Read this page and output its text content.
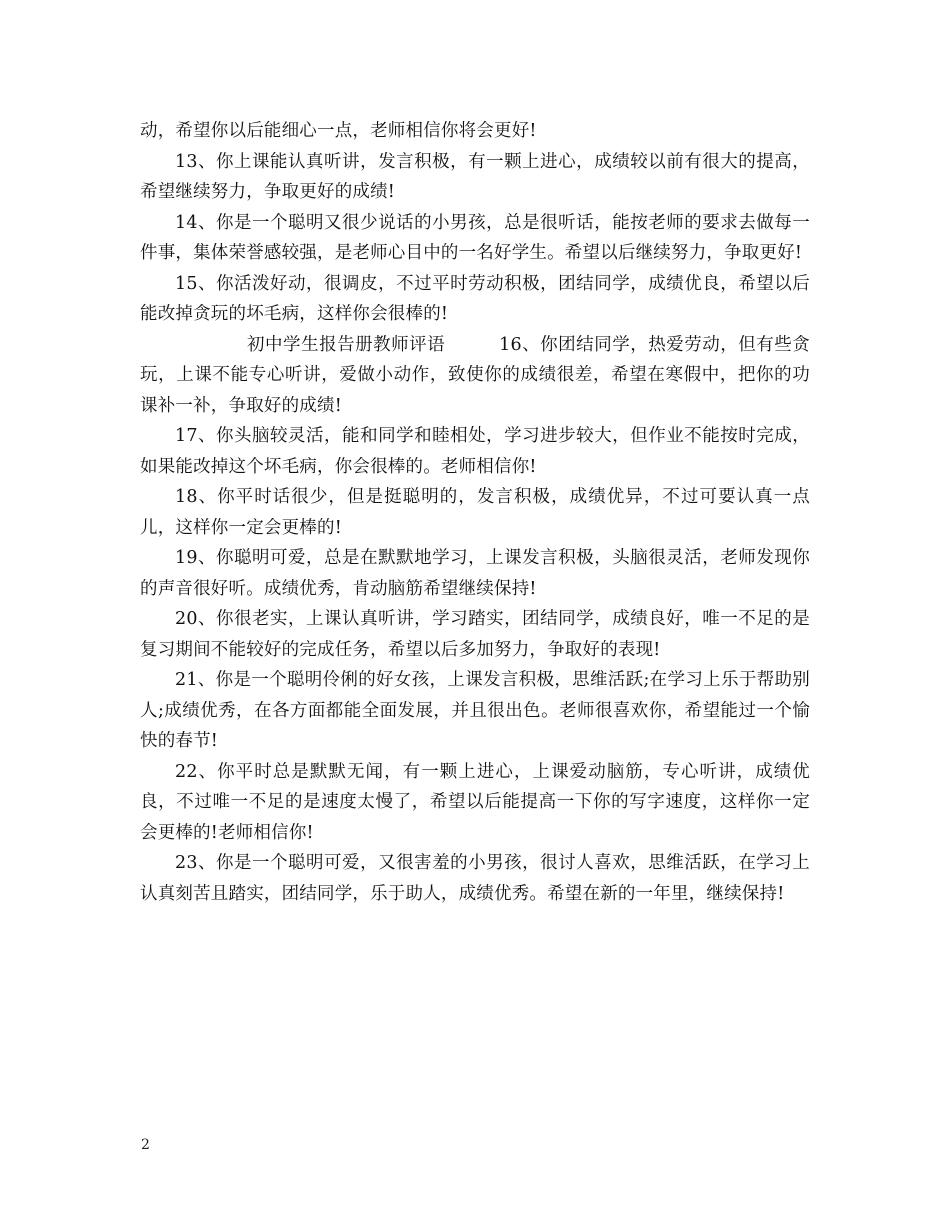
动，希望你以后能细心一点，老师相信你将会更好!

13、你上课能认真听讲，发言积极，有一颗上进心，成绩较以前有很大的提高，希望继续努力，争取更好的成绩!

14、你是一个聪明又很少说话的小男孩，总是很听话，能按老师的要求去做每一件事，集体荣誉感较强，是老师心目中的一名好学生。希望以后继续努力，争取更好!

15、你活泼好动，很调皮，不过平时劳动积极，团结同学，成绩优良，希望以后能改掉贪玩的坏毛病，这样你会很棒的!

　　　　初中学生报告册教师评语　　　16、你团结同学，热爱劳动，但有些贪玩，上课不能专心听讲，爱做小动作，致使你的成绩很差，希望在寒假中，把你的功课补一补，争取好的成绩!

17、你头脑较灵活，能和同学和睦相处，学习进步较大，但作业不能按时完成，如果能改掉这个坏毛病，你会很棒的。老师相信你!

18、你平时话很少，但是挺聪明的，发言积极，成绩优异，不过可要认真一点儿，这样你一定会更棒的!

19、你聪明可爱，总是在默默地学习，上课发言积极，头脑很灵活，老师发现你的声音很好听。成绩优秀，肯动脑筋希望继续保持!

20、你很老实，上课认真听讲，学习踏实，团结同学，成绩良好，唯一不足的是复习期间不能较好的完成任务，希望以后多加努力，争取好的表现!

21、你是一个聪明伶俐的好女孩，上课发言积极，思维活跃;在学习上乐于帮助别人;成绩优秀，在各方面都能全面发展，并且很出色。老师很喜欢你，希望能过一个愉快的春节!

22、你平时总是默默无闻，有一颗上进心，上课爱动脑筋，专心听讲，成绩优良，不过唯一不足的是速度太慢了，希望以后能提高一下你的写字速度，这样你一定会更棒的!老师相信你!

23、你是一个聪明可爱，又很害羞的小男孩，很讨人喜欢，思维活跃，在学习上认真刻苦且踏实，团结同学，乐于助人，成绩优秀。希望在新的一年里，继续保持!

2
